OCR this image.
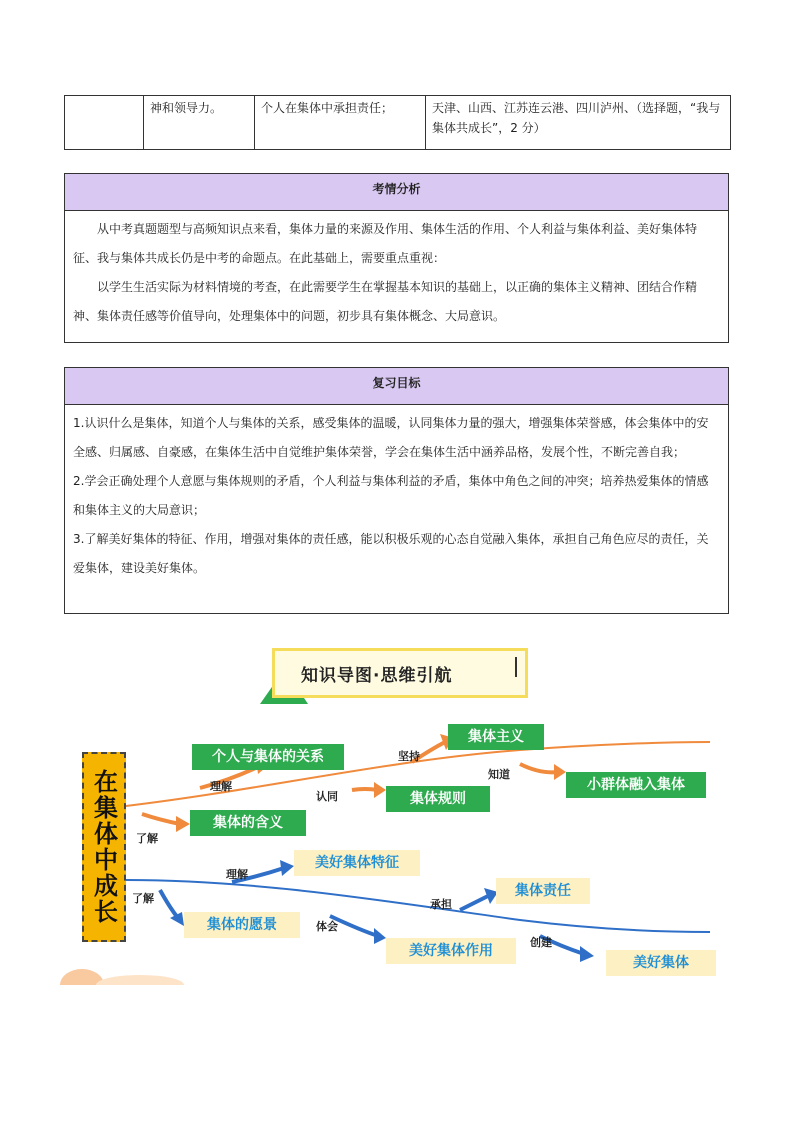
	神和领导力。	个人在集体中承担责任；	天津、山西、江苏连云港、四川泸州、（选择题，“我与集体共成长”，2 分）
考情分析

从中考真题题型与高频知识点来看，集体力量的来源及作用、集体生活的作用、个人利益与集体利益、美好集体特征、我与集体共成长仍是中考的命题点。在此基础上，需要重点重视：

以学生生活实际为材料情境的考查，在此需要学生在掌握基本知识的基础上，以正确的集体主义精神、团结合作精神、集体责任感等价值导向，处理集体中的问题，初步具有集体概念、大局意识。

复习目标

1.认识什么是集体，知道个人与集体的关系，感受集体的温暖，认同集体力量的强大，增强集体荣誉感，体会集体中的安全感、归属感、自豪感，在集体生活中自觉维护集体荣誉，学会在集体生活中涵养品格，发展个性，不断完善自我；

2.学会正确处理个人意愿与集体规则的矛盾，个人利益与集体利益的矛盾，集体中角色之间的冲突；培养热爱集体的情感和集体主义的大局意识；

3.了解美好集体的特征、作用，增强对集体的责任感，能以积极乐观的心态自觉融入集体，承担自己角色应尽的责任，关爱集体，建设美好集体。

知识导图·思维引航
在集体中成长
个人与集体的关系
集体主义
小群体融入集体
集体规则
集体的含义
美好集体特征
集体责任
集体的愿景
美好集体作用
美好集体
理解
坚持
知道
认同
了解
理解
了解	承担
体会
创建
